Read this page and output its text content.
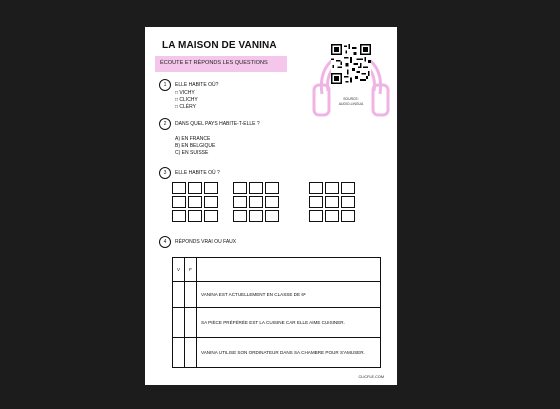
LA MAISON DE VANINA
ÉCOUTE ET RÉPONDS LES QUESTIONS
SOURCE:
AUDIO-LINGUA
1	ELLE HABITE OÙ?
□ VICHY
□ CLICHY
□ CLÉRY
2	DANS QUEL PAYS HABITE-T-ELLE ?
A) EN FRANCE
B) EN BELGIQUE
C) EN SUISSE
3	ELLE HABITE OÙ ?
4	RÉPONDS VRAI OU FAUX
V	F	
		VANINA EST ACTUELLEMENT EN CLASSE DE 6ᵉ
		SA PIÈCE PRÉFÉRÉE EST LA CUISINE CAR ELLE AIME CUISINER.
		VANINA UTILISE SON ORDINATEUR DANS SA CHAMBRE POUR S'AMUSER.
CLICFLE.COM
